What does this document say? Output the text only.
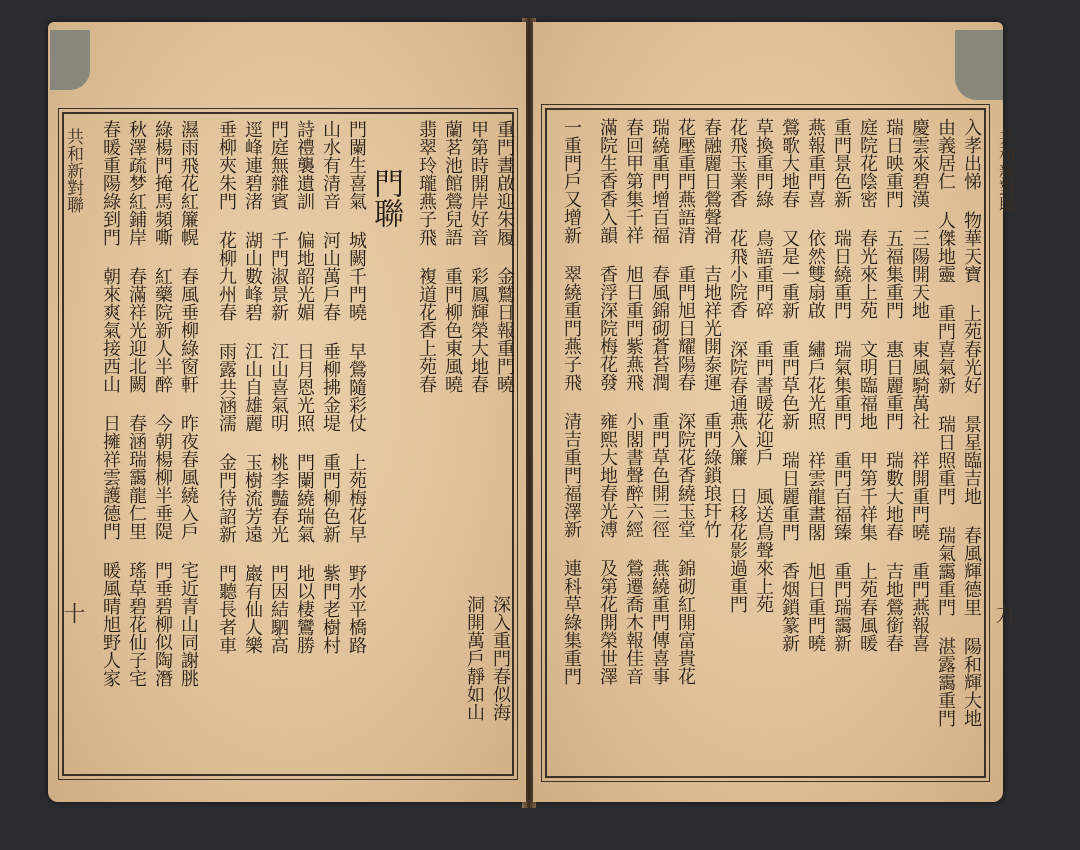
共和新對聯
十
重門晝啟迎朱履 金鷲日報重門曉
甲第時開岸好音 彩鳳輝榮大地春
蘭茗池館鶯兒語 重門柳色東風曉
翡翠玲瓏燕子飛 複道花香上苑春
深入重門春似海
洞開萬戶靜如山
門聯
門闌生喜氣 城闕千門曉 早鶯隨彩仗 上苑梅花早 野水平橋路
山水有清音 河山萬戶春 垂柳拂金堤 重門柳色新 紫門老樹村
詩禮襲遺訓 偏地韶光媚 日月恩光照 門闌繞瑞氣 地以棲鸞勝
門庭無雜賓 千門淑景新 江山喜氣明 桃李豔春光 門因結駟高
逕峰連碧渚 湖山數峰碧 江山自雄麗 玉樹流芳遠 巖有仙人樂
垂柳夾朱門 花柳九州春 雨露共涵濡 金門待詔新 門聽長者車
濕雨飛花紅簾幌 春風垂柳綠窗軒 昨夜春風繞入戶 宅近青山同謝朓
綠楊門掩馬頻嘶 紅藥院新人半醉 今朝楊柳半垂隄 門垂碧柳似陶潛
秋澤疏梦紅鋪岸 春滿祥光迎北闕 春涵瑞靄龍仁里 瑤草碧花仙子宅
春暖重陽綠到門 朝來爽氣接西山 日擁祥雲護德門 暖風晴旭野人家	共和新對聯
九
入孝出悌 物華天寶 上苑春光好 景星臨吉地 春風輝德里 陽和輝大地
由義居仁 人傑地靈 重門喜氣新 瑞日照重門 瑞氣靄重門 湛露靄重門
慶雲來碧漢 三陽開天地 東風騎萬社 祥開重門曉 重門燕報喜
瑞日映重門 五福集重門 惠日麗重門 瑞數大地春 吉地鶯銜春
庭院花陰密 春光來上苑 文明臨福地 甲第千祥集 上苑春風暖
重門景色新 瑞日繞重門 瑞氣集重門 重門百福臻 重門瑞靄新
燕報重門喜 依然雙扇啟 繡戶花光照 祥雲龍畫閣 旭日重門曉
鶯歌大地春 又是一重新 重門草色新 瑞日麗重門 香烟鎖篆新
草換重門綠 鳥語重門碎 重門書暖花迎戶 風送鳥聲來上苑
花飛玉業香 花飛小院香 深院春通燕入簾 日移花影過重門
春融麗日鶯聲滑 吉地祥光開泰運 重門綠鎖琅玕竹
花壓重門燕語清 重門旭日耀陽春 深院花香繞玉堂 錦砌紅開富貴花
瑞繞重門增百福 春風錦砌蒼苔潤 重門草色開三徑 燕繞重門傳喜事
春回甲第集千祥 旭日重門紫燕飛 小閣書聲醉六經 鶯遷喬木報佳音
滿院生香香入韻 香浮深院梅花發 雍熙大地春光溥 及第花開榮世澤
一重門戶又增新 翠繞重門燕子飛 清吉重門福澤新 連科草綠集重門
